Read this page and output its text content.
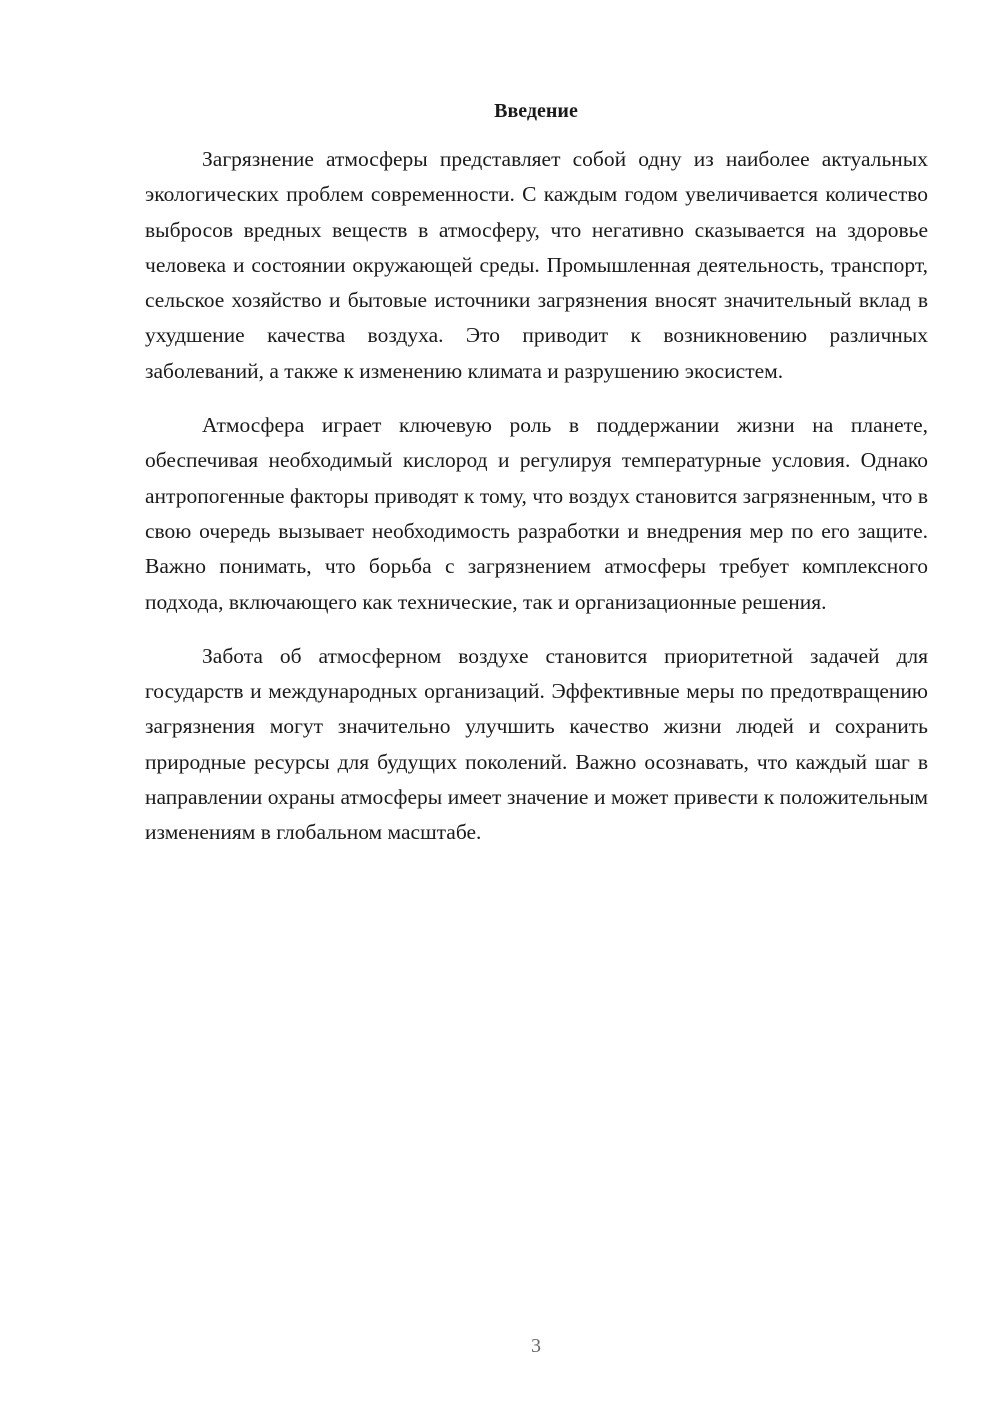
Введение

Загрязнение атмосферы представляет собой одну из наиболее актуальных экологических проблем современности. С каждым годом увеличивается количество выбросов вредных веществ в атмосферу, что негативно сказывается на здоровье человека и состоянии окружающей среды. Промышленная деятельность, транспорт, сельское хозяйство и бытовые источники загрязнения вносят значительный вклад в ухудшение качества воздуха. Это приводит к возникновению различных заболеваний, а также к изменению климата и разрушению экосистем.

Атмосфера играет ключевую роль в поддержании жизни на планете, обеспечивая необходимый кислород и регулируя температурные условия. Однако антропогенные факторы приводят к тому, что воздух становится загрязненным, что в свою очередь вызывает необходимость разработки и внедрения мер по его защите. Важно понимать, что борьба с загрязнением атмосферы требует комплексного подхода, включающего как технические, так и организационные решения.

Забота об атмосферном воздухе становится приоритетной задачей для государств и международных организаций. Эффективные меры по предотвращению загрязнения могут значительно улучшить качество жизни людей и сохранить природные ресурсы для будущих поколений. Важно осознавать, что каждый шаг в направлении охраны атмосферы имеет значение и может привести к положительным изменениям в глобальном масштабе.

3
